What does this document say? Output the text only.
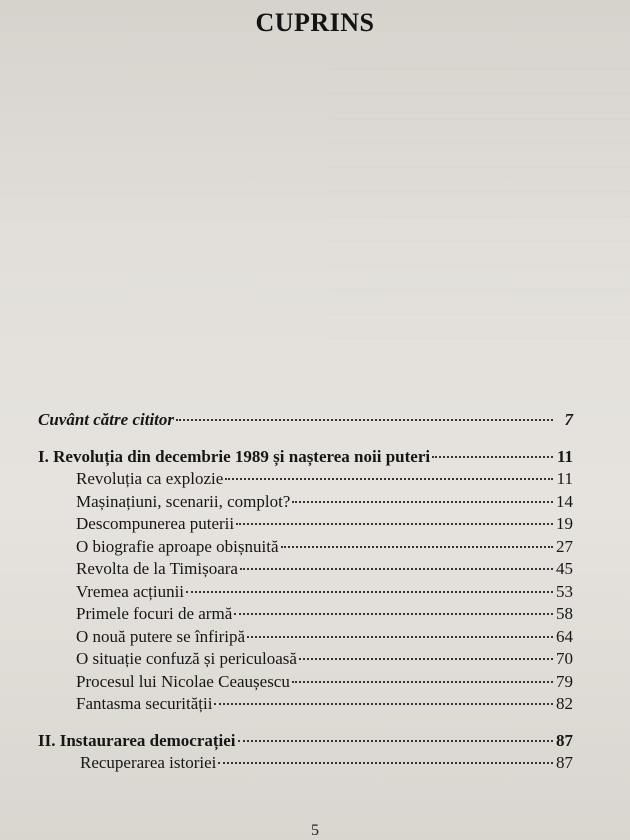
CUPRINS
Cuvânt către cititor	7
I. Revoluția din decembrie 1989 și nașterea noii puteri	11
Revoluția ca explozie	11
Mașinațiuni, scenarii, complot?	14
Descompunerea puterii	19
O biografie aproape obișnuită	27
Revolta de la Timișoara	45
Vremea acțiunii	53
Primele focuri de armă	58
O nouă putere se înfiripă	64
O situație confuză și periculoasă	70
Procesul lui Nicolae Ceaușescu	79
Fantasma securității	82
II. Instaurarea democrației	87
Recuperarea istoriei	87
5
